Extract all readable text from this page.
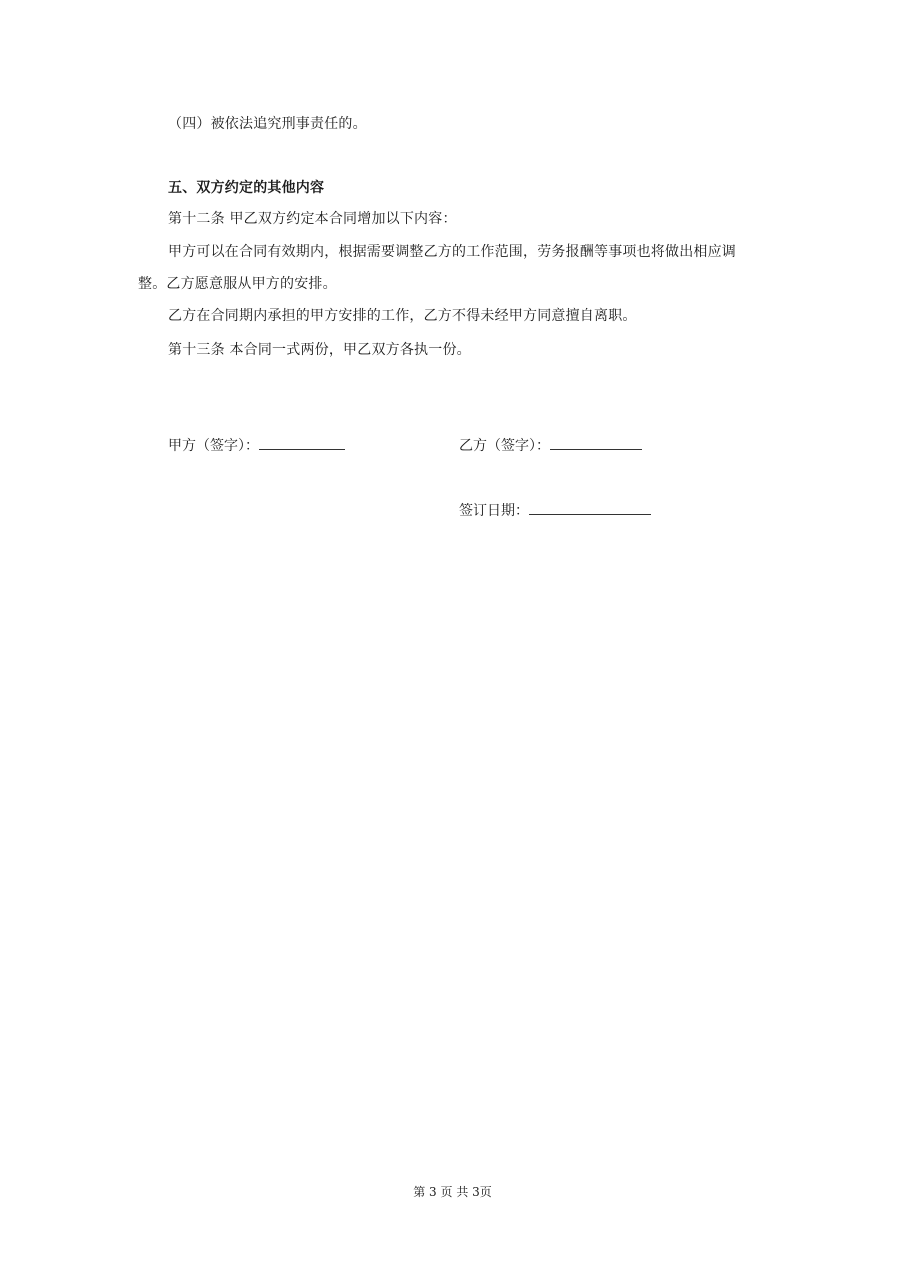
（四）被依法追究刑事责任的。
五、双方约定的其他内容
第十二条 甲乙双方约定本合同增加以下内容：
甲方可以在合同有效期内，根据需要调整乙方的工作范围，劳务报酬等事项也将做出相应调
整。乙方愿意服从甲方的安排。
乙方在合同期内承担的甲方安排的工作，乙方不得未经甲方同意擅自离职。
第十三条 本合同一式两份，甲乙双方各执一份。
甲方（签字）：	乙方（签字）：
签订日期：
第 3 页 共 3页
